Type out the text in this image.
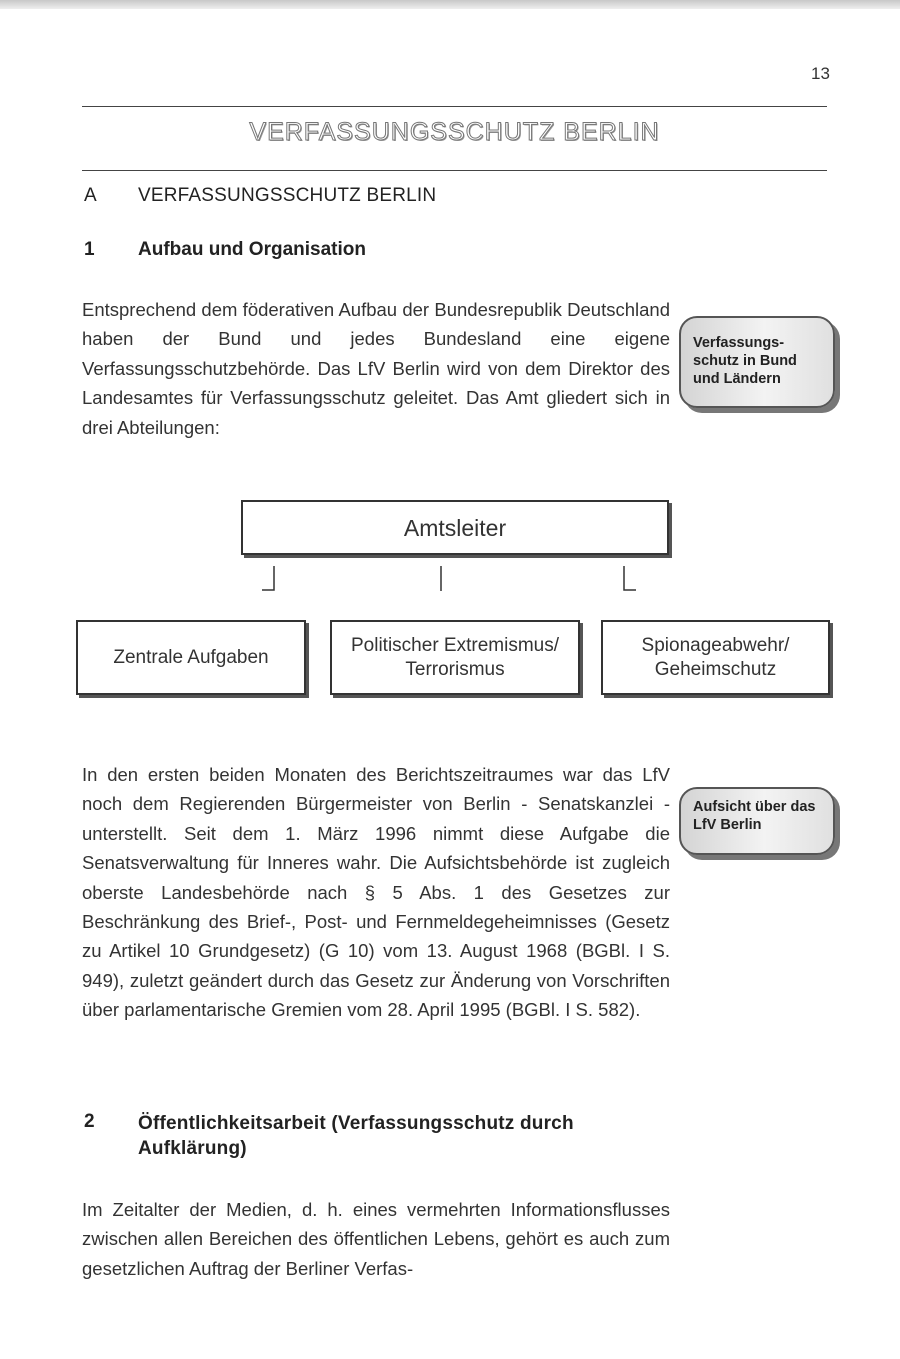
13
VERFASSUNGSSCHUTZ BERLIN
A VERFASSUNGSSCHUTZ BERLIN
1 Aufbau und Organisation

Entsprechend dem föderativen Aufbau der Bundesrepublik Deutschland haben der Bund und jedes Bundesland eine eigene Verfassungsschutzbehörde. Das LfV Berlin wird von dem Direktor des Landesamtes für Verfassungsschutz geleitet. Das Amt gliedert sich in drei Abteilungen:

Verfassungs-schutz in Bund und Ländern
Amtsleiter
Zentrale Aufgaben
Politischer Extremismus/ Terrorismus
Spionageabwehr/ Geheimschutz

In den ersten beiden Monaten des Berichtszeitraumes war das LfV noch dem Regierenden Bürgermeister von Berlin - Senatskanzlei - unterstellt. Seit dem 1. März 1996 nimmt diese Aufgabe die Senatsverwaltung für Inneres wahr. Die Aufsichtsbehörde ist zugleich oberste Landesbehörde nach § 5 Abs. 1 des Gesetzes zur Beschränkung des Brief-, Post- und Fernmeldegeheimnisses (Gesetz zu Artikel 10 Grundgesetz) (G 10) vom 13. August 1968 (BGBl. I S. 949), zuletzt geändert durch das Gesetz zur Änderung von Vorschriften über parlamentarische Gremien vom 28. April 1995 (BGBl. I S. 582).

Aufsicht über das LfV Berlin
2 Öffentlichkeitsarbeit (Verfassungsschutz durch Aufklärung)

Im Zeitalter der Medien, d. h. eines vermehrten Informationsflusses zwischen allen Bereichen des öffentlichen Lebens, gehört es auch zum gesetzlichen Auftrag der Berliner Verfas-
